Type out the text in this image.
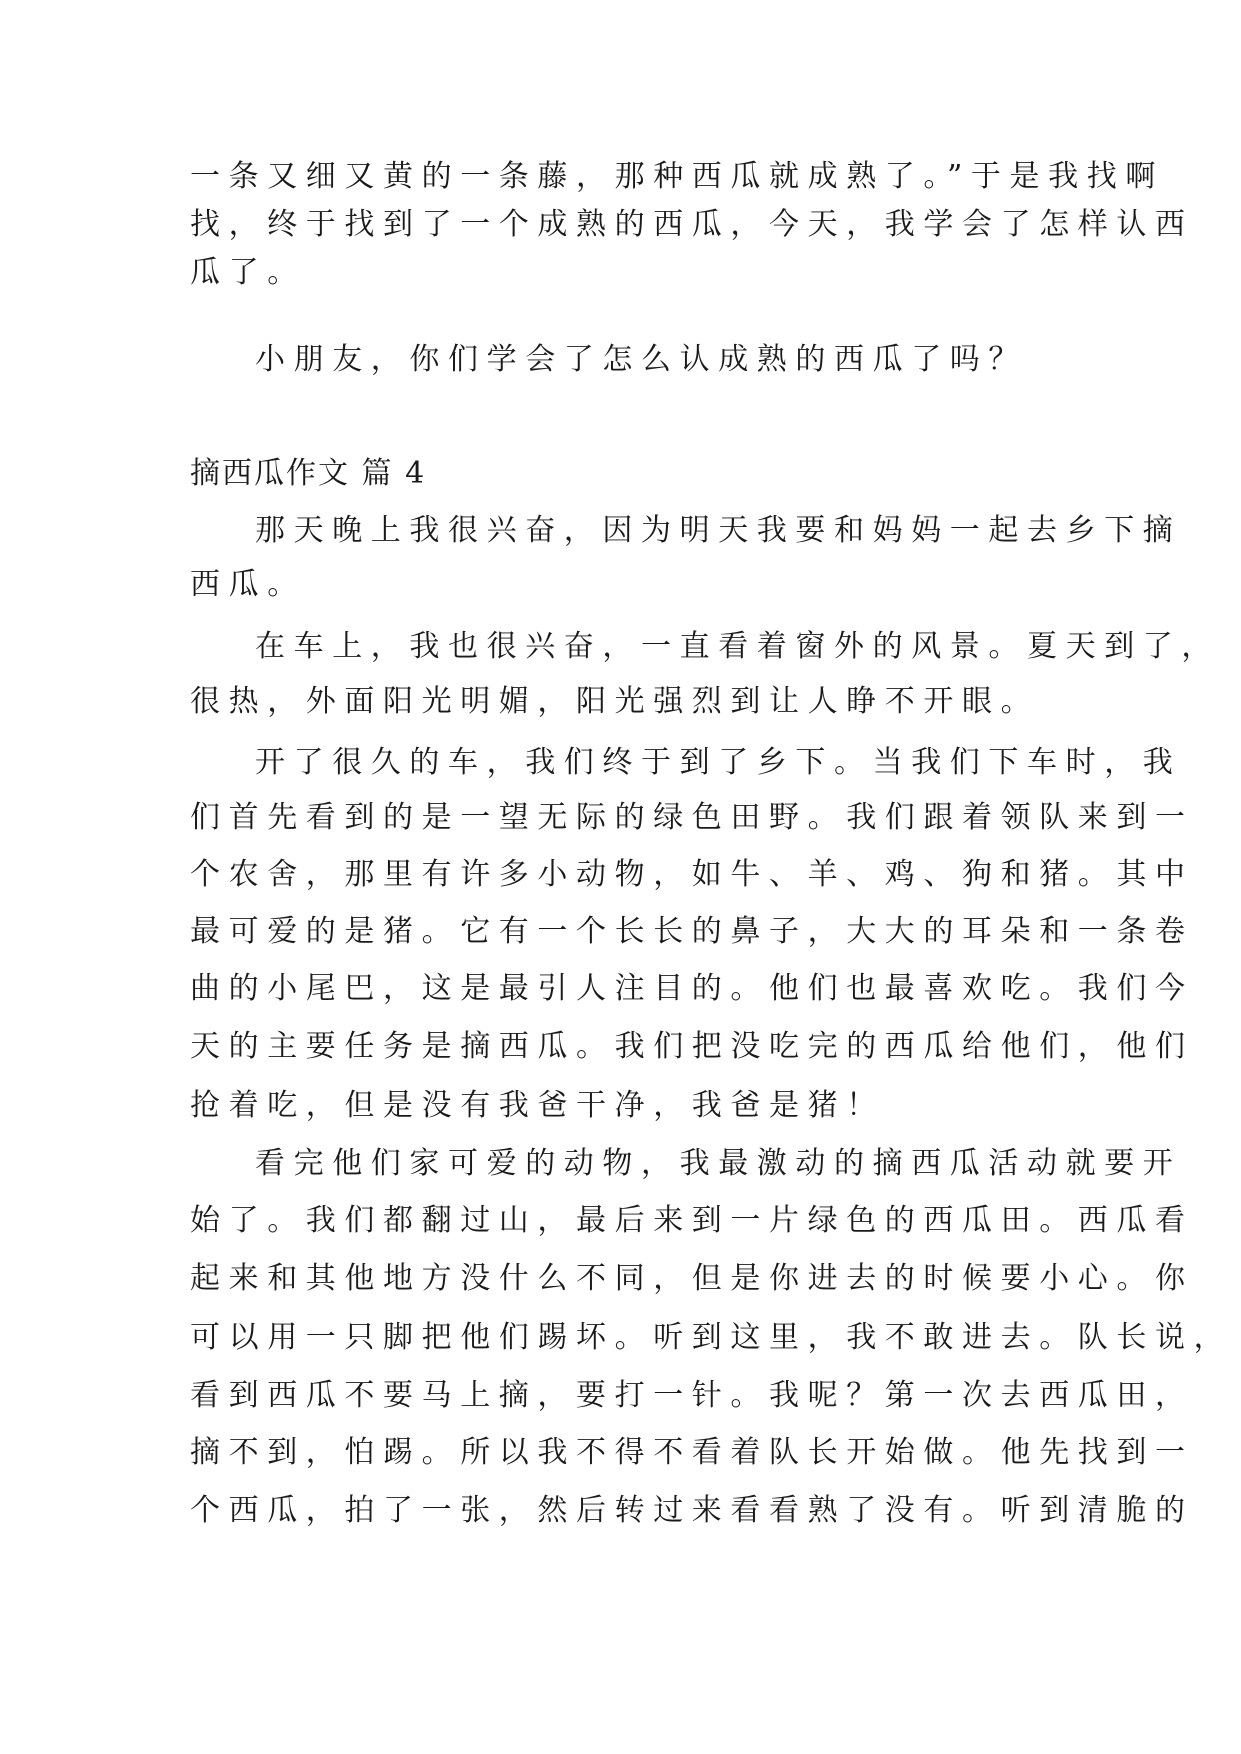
一条又细又黄的一条藤，那种西瓜就成熟了。”于是我找啊

找，终于找到了一个成熟的西瓜，今天，我学会了怎样认西

瓜了。

小朋友，你们学会了怎么认成熟的西瓜了吗？

摘西瓜作文 篇 4

那天晚上我很兴奋，因为明天我要和妈妈一起去乡下摘

西瓜。

在车上，我也很兴奋，一直看着窗外的风景。夏天到了，

很热，外面阳光明媚，阳光强烈到让人睁不开眼。

开了很久的车，我们终于到了乡下。当我们下车时，我

们首先看到的是一望无际的绿色田野。我们跟着领队来到一

个农舍，那里有许多小动物，如牛、羊、鸡、狗和猪。其中

最可爱的是猪。它有一个长长的鼻子，大大的耳朵和一条卷

曲的小尾巴，这是最引人注目的。他们也最喜欢吃。我们今

天的主要任务是摘西瓜。我们把没吃完的西瓜给他们，他们

抢着吃，但是没有我爸干净，我爸是猪！

看完他们家可爱的动物，我最激动的摘西瓜活动就要开

始了。我们都翻过山，最后来到一片绿色的西瓜田。西瓜看

起来和其他地方没什么不同，但是你进去的时候要小心。你

可以用一只脚把他们踢坏。听到这里，我不敢进去。队长说，

看到西瓜不要马上摘，要打一针。我呢？第一次去西瓜田，

摘不到，怕踢。所以我不得不看着队长开始做。他先找到一

个西瓜，拍了一张，然后转过来看看熟了没有。听到清脆的
